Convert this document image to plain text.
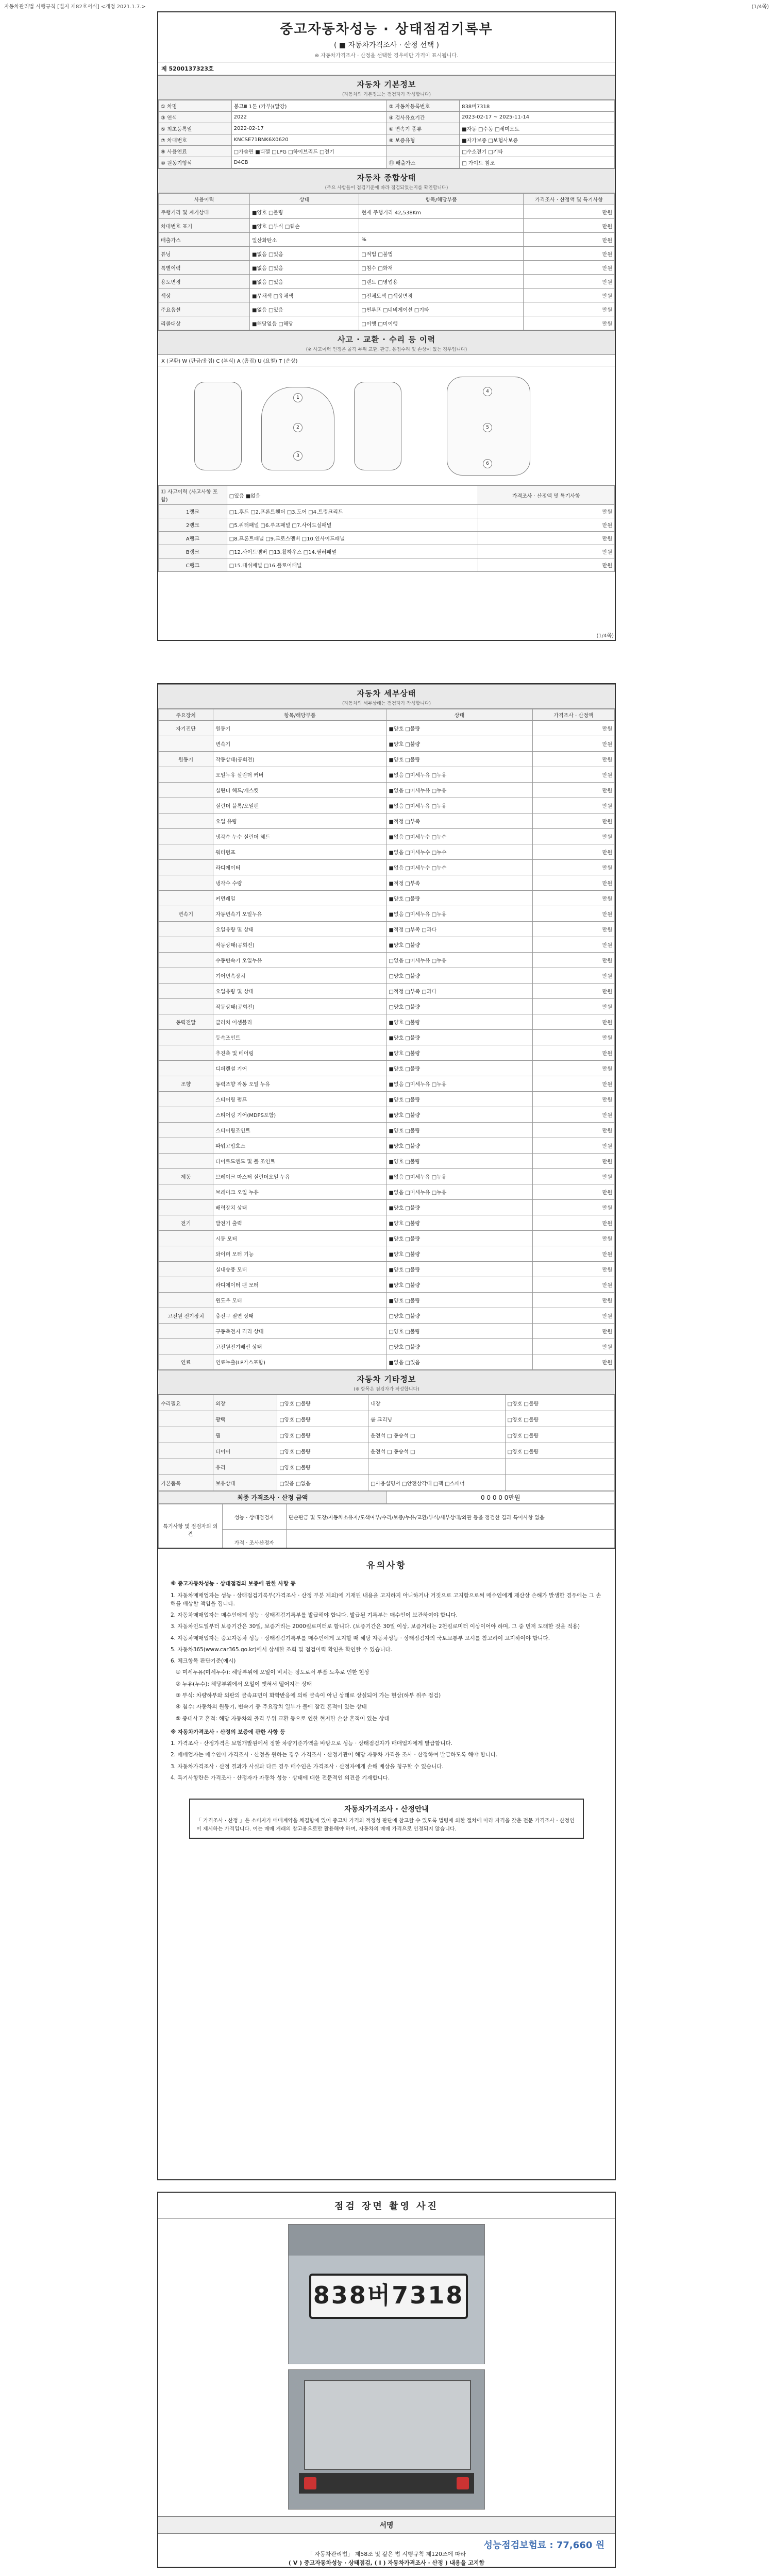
자동차관리법 시행규칙 [별지 제82호서식] <개정 2021.1.7.>	(1/4쪽)
중고자동차성능 · 상태점검기록부
( ■ 자동차가격조사 · 산정 선택 )
※ 자동차가격조사 · 산정을 선택한 경우에만 가격이 표시됩니다.
제 5200137323호
자동차 기본정보
(자동차의 기본정보는 점검자가 작성합니다)
① 차명	봉고Ⅲ 1톤 (카부)(달강)	② 자동차등록번호	838버7318
③ 연식	2022	④ 검사유효기간	2023-02-17 ~ 2025-11-14
⑤ 최초등록일	2022-02-17	⑥ 변속기 종류	■자동 □수동 □세미오토
⑦ 차대번호	KNCSE71BNK6X0620	⑧ 보증유형	■자가보증 □보험사보증
⑨ 사용연료	□가솔린 ■디젤 □LPG □하이브리드 □전기		□수소전기 □기타
⑩ 원동기형식	D4CB	⑪ 배출가스	□ 가이드 참조
자동차 종합상태
(주요 사항들이 점검기준에 따라 점검되었는지를 확인합니다)
사용이력	상태	항목/해당부품	가격조사 · 산정액 및 특기사항
주행거리 및 계기상태	■양호 □불량	현재 주행거리 42,538Km	만원
차대번호 표기	■양호 □부식 □훼손		만원
배출가스	일산화탄소	%	만원
튜닝	■없음 □있음	□적법 □불법	만원
특별이력	■없음 □있음	□침수 □화재	만원
용도변경	■없음 □있음	□렌트 □영업용	만원
색상	■무채색 □유채색	□전체도색 □색상변경	만원
주요옵션	■없음 □있음	□썬루프 □네비게이션 □기타	만원
리콜대상	■해당없음 □해당	□이행 □미이행	만원
사고 · 교환 · 수리 등 이력
(※ 사고이력 인정은 골격 부위 교환, 판금, 용접수리 및 손상이 있는 경우입니다)
X (교환) W (판금/용접) C (부식) A (흠집) U (요철) T (손상)
1
2
3
4
5
6
⑪ 사고이력 (사고사항 포함)	□있음 ■없음	가격조사 · 산정액 및 특기사항
1랭크	□1.후드 □2.프론트휀더 □3.도어 □4.트렁크리드	만원
2랭크	□5.쿼터패널 □6.루프패널 □7.사이드실패널	만원
A랭크	□8.프론트패널 □9.크로스멤버 □10.인사이드패널	만원
B랭크	□12.사이드멤버 □13.휠하우스 □14.필러패널	만원
C랭크	□15.대쉬패널 □16.플로어패널	만원
(1/4쪽)
자동차 세부상태
(자동차의 세부상태는 점검자가 작성합니다)
주요장치	항목/해당부품	상태	가격조사 · 산정액
자기진단	원동기	■양호 □불량	만원
	변속기	■양호 □불량	만원
원동기	작동상태(공회전)	■양호 □불량	만원
	오일누유 실린더 커버	■없음 □미세누유 □누유	만원
	실린더 헤드/개스킷	■없음 □미세누유 □누유	만원
	실린더 블록/오일팬	■없음 □미세누유 □누유	만원
	오일 유량	■적정 □부족	만원
	냉각수 누수 실린더 헤드	■없음 □미세누수 □누수	만원
	워터펌프	■없음 □미세누수 □누수	만원
	라디에이터	■없음 □미세누수 □누수	만원
	냉각수 수량	■적정 □부족	만원
	커먼레일	■양호 □불량	만원
변속기	자동변속기 오일누유	■없음 □미세누유 □누유	만원
	오일유량 및 상태	■적정 □부족 □과다	만원
	작동상태(공회전)	■양호 □불량	만원
	수동변속기 오일누유	□없음 □미세누유 □누유	만원
	기어변속장치	□양호 □불량	만원
	오일유량 및 상태	□적정 □부족 □과다	만원
	작동상태(공회전)	□양호 □불량	만원
동력전달	클러치 어셈블리	■양호 □불량	만원
	등속조인트	■양호 □불량	만원
	추진축 및 베어링	■양호 □불량	만원
	디퍼렌셜 기어	■양호 □불량	만원
조향	동력조향 작동 오일 누유	■없음 □미세누유 □누유	만원
	스티어링 펌프	■양호 □불량	만원
	스티어링 기어(MDPS포함)	■양호 □불량	만원
	스티어링조인트	■양호 □불량	만원
	파워고압호스	■양호 □불량	만원
	타이로드엔드 및 볼 조인트	■양호 □불량	만원
제동	브레이크 마스터 실린더오일 누유	■없음 □미세누유 □누유	만원
	브레이크 오일 누유	■없음 □미세누유 □누유	만원
	배력장치 상태	■양호 □불량	만원
전기	발전기 출력	■양호 □불량	만원
	시동 모터	■양호 □불량	만원
	와이퍼 모터 기능	■양호 □불량	만원
	실내송풍 모터	■양호 □불량	만원
	라디에이터 팬 모터	■양호 □불량	만원
	윈도우 모터	■양호 □불량	만원
고전원 전기장치	충전구 절연 상태	□양호 □불량	만원
	구동축전지 격리 상태	□양호 □불량	만원
	고전원전기배선 상태	□양호 □불량	만원
연료	연료누출(LP가스포함)	■없음 □있음	만원
자동차 기타정보
(※ 항목은 점검자가 작성합니다)
수리필요	외장	□양호 □불량	내장	□양호 □불량
	광택	□양호 □불량	룸 크리닝	□양호 □불량
	휠	□양호 □불량	운전석 □ 동승석 □	□양호 □불량
	타이어	□양호 □불량	운전석 □ 동승석 □	□양호 □불량
	유리	□양호 □불량		
기본품목	보유상태	□있음 □없음	□사용설명서 □안전삼각대 □잭 □스패너	
최종 가격조사 · 산정 금액	0 0 0 0 0만원
특기사항 및 점검자의 의견	성능 · 상태점검자	단순판금 및 도장/자동차소유자/도색여부/수리/보증/누유/교환/부식/세부상태/외관 등을 점검한 결과 특이사항 없음
	가격 · 조사산정자	
유의사항
※ 중고자동차성능 · 상태점검의 보증에 관한 사항 등

1. 자동차매매업자는 성능 · 상태점검기록부(가격조사 · 산정 부분 제외)에 기재된 내용을 고지하지 아니하거나 거짓으로 고지함으로써 매수인에게 재산상 손해가 발생한 경우에는 그 손해를 배상할 책임을 집니다.

2. 자동차매매업자는 매수인에게 성능 · 상태점검기록부를 발급해야 합니다. 발급된 기록부는 매수인이 보관하여야 합니다.

3. 자동차인도일부터 보증기간은 30일, 보증거리는 2000킬로미터로 합니다. (보증기간은 30일 이상, 보증거리는 2천킬로미터 이상이어야 하며, 그 중 먼저 도래한 것을 적용)

4. 자동차매매업자는 중고자동차 성능 · 상태점검기록부를 매수인에게 고지할 때 해당 자동차성능 · 상태점검자의 국토교통부 고시를 참고하여 고지하여야 합니다.

5. 자동차365(www.car365.go.kr)에서 상세한 조회 및 점검이력 확인을 확인할 수 있습니다.

6. 체크항목 판단기준(예시)

① 미세누유(미세누수): 해당부위에 오일이 비치는 정도로서 부품 노후로 인한 현상

② 누유(누수): 해당부위에서 오일이 맺혀서 떨어지는 상태

③ 부식: 차량하부와 외판의 금속표면이 화학반응에 의해 금속이 아닌 상태로 상실되어 가는 현상(하부 위주 점검)

④ 침수: 자동차의 원동기, 변속기 등 주요장치 일부가 물에 잠긴 흔적이 있는 상태

⑤ 중대사고 흔적: 해당 자동차의 골격 부위 교환 등으로 인한 현저한 손상 흔적이 있는 상태

※ 자동차가격조사 · 산정의 보증에 관한 사항 등

1. 가격조사 · 산정가격은 보험개발원에서 정한 차량기준가액을 바탕으로 성능 · 상태점검자가 매매업자에게 발급합니다.

2. 매매업자는 매수인이 가격조사 · 산정을 원하는 경우 가격조사 · 산정기관이 해당 자동차 가격을 조사 · 산정하여 발급하도록 해야 합니다.

3. 자동차가격조사 · 산정 결과가 사실과 다른 경우 매수인은 가격조사 · 산정자에게 손해 배상을 청구할 수 있습니다.

4. 특기사항란은 가격조사 · 산정자가 자동차 성능 · 상태에 대한 전문적인 의견을 기재합니다.

자동차가격조사 · 산정안내
「 가격조사 · 산정 」은 소비자가 매매계약을 체결함에 있어 중고차 가격의 적정성 판단에 참고할 수 있도록 법령에 의한 절차에 따라 자격을 갖춘 전문 가격조사 · 산정인이 제시하는 가격입니다. 이는 매매 거래의 참고용으로만 활용해야 하며, 자동차의 매매 가격으로 인정되지 않습니다.
점검 장면 촬영 사진
838버7318
서명
성능점검보험료 : 77,660 원
「 자동차관리법」 제58조 및 같은 법 시행규칙 제120조에 따라
( Ⅴ ) 중고자동차성능 · 상태점검, ( Ⅰ ) 자동차가격조사 · 산정 ) 내용을 고지함
